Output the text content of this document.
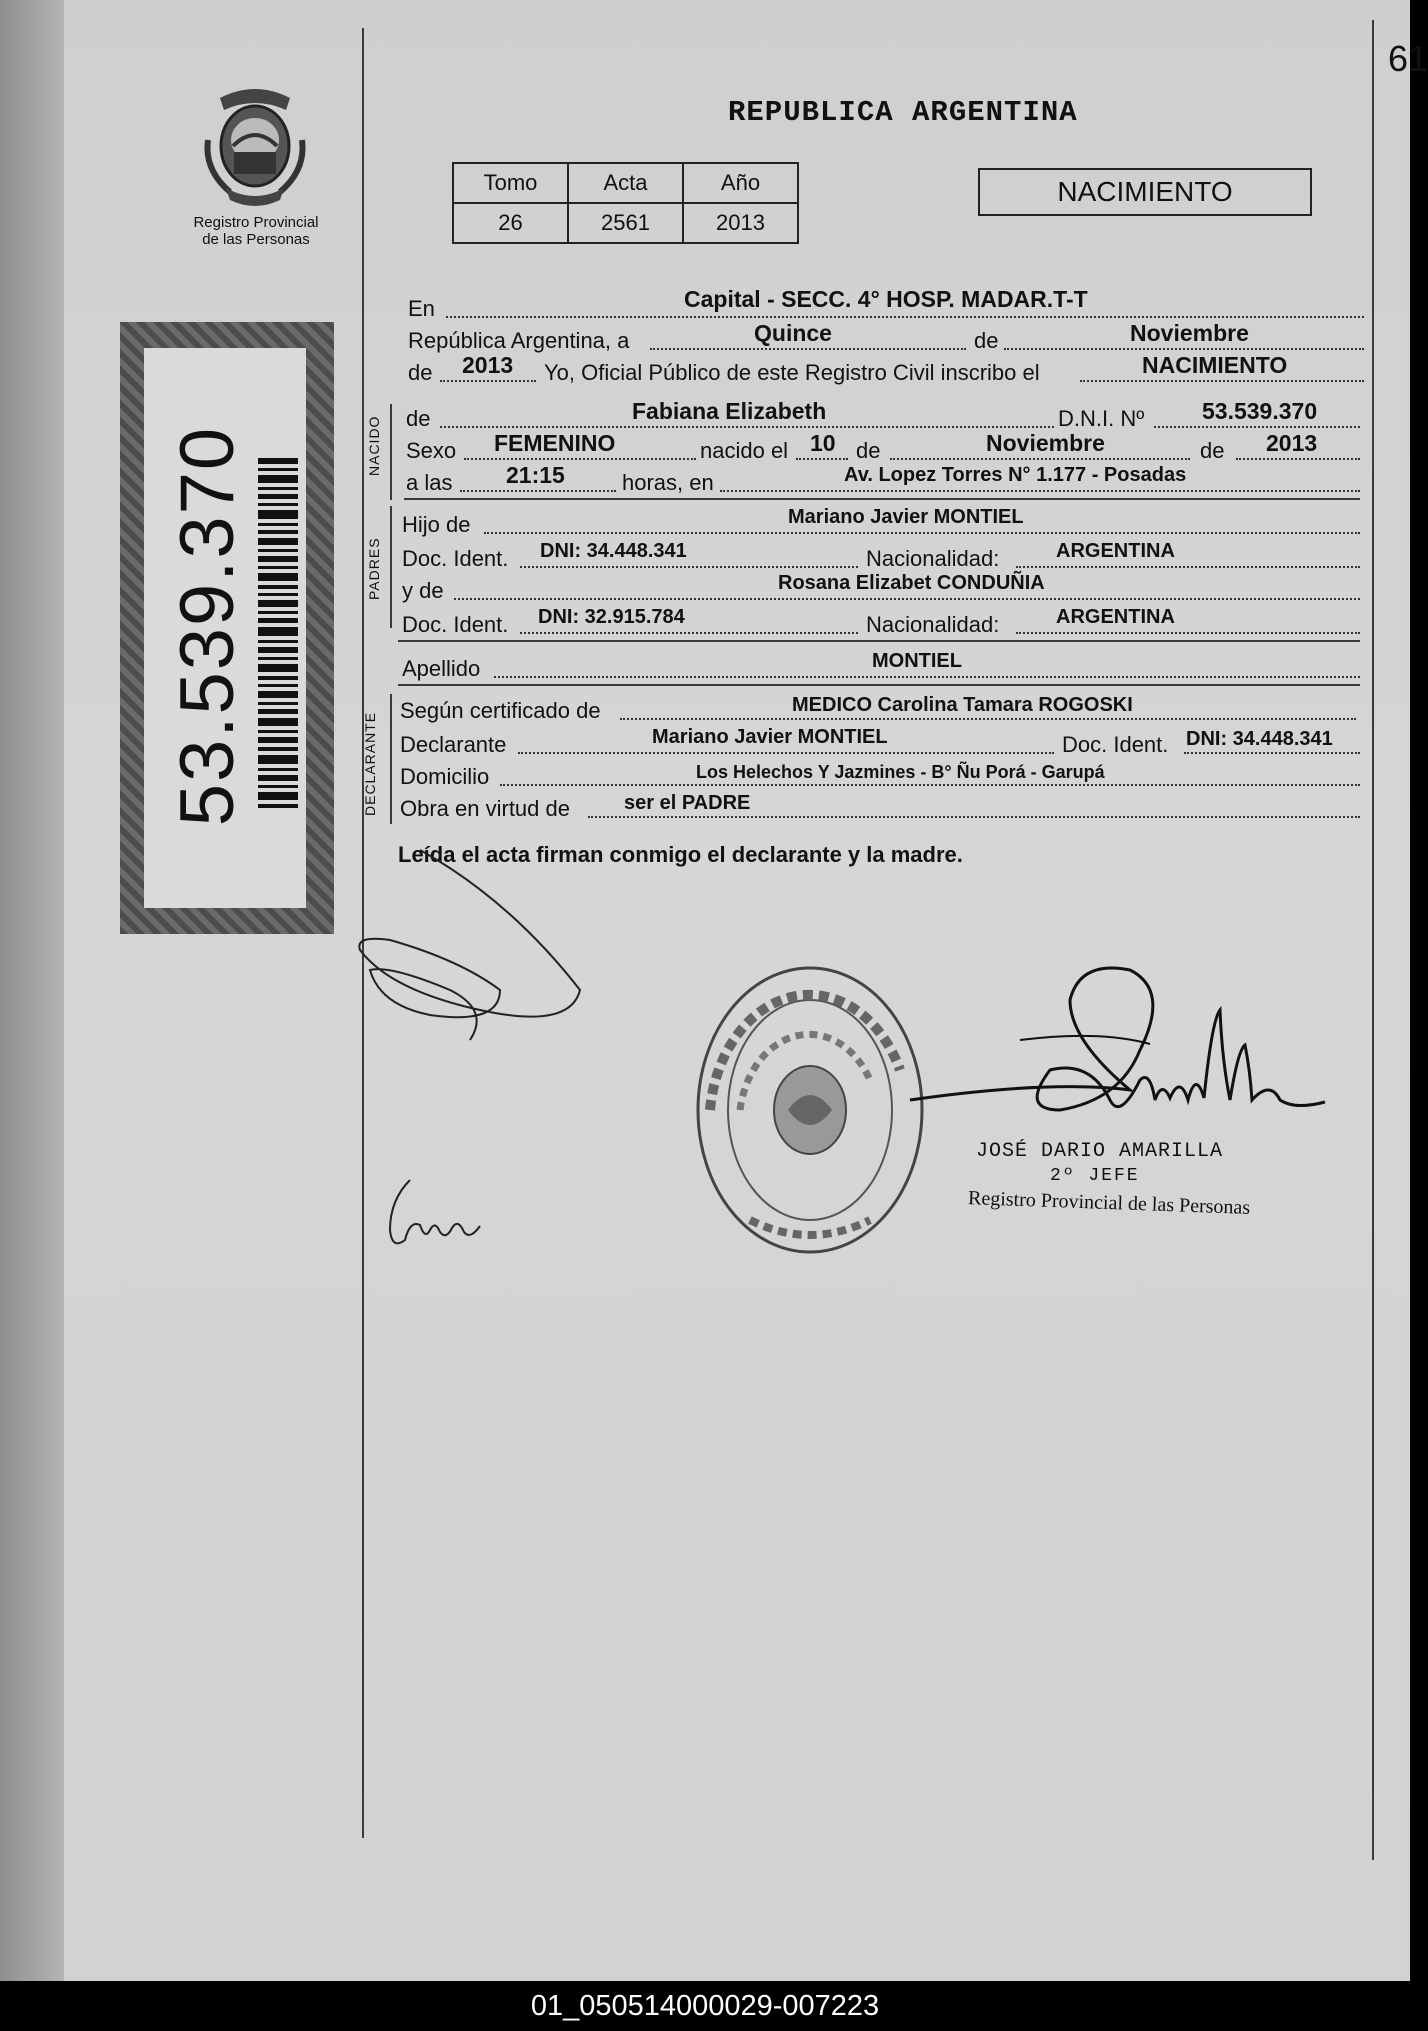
61
REPUBLICA ARGENTINA
Registro Provincial
de las Personas
Tomo	Acta	Año
26	2561	2013
NACIMIENTO
53.539.370	NACIDO
PADRES
DECLARANTE
En	Capital - SECC. 4° HOSP. MADAR.T-T
República Argentina, a	Quince	de	Noviembre
de 2013 Yo, Oficial Público de este Registro Civil inscribo el	NACIMIENTO
de	Fabiana Elizabeth	D.N.I. Nº	53.539.370
Sexo FEMENINO	nacido el 10 de	Noviembre	de 2013
a las 21:15	horas, en	Av. Lopez Torres N° 1.177 - Posadas
Hijo de	Mariano Javier MONTIEL
Doc. Ident. DNI: 34.448.341	Nacionalidad:	ARGENTINA
y de	Rosana Elizabet CONDUÑIA
Doc. Ident. DNI: 32.915.784	Nacionalidad:	ARGENTINA
Apellido	MONTIEL
Según certificado de	MEDICO Carolina Tamara ROGOSKI
Declarante	Mariano Javier MONTIEL	Doc. Ident. DNI: 34.448.341
Domicilio	Los Helechos Y Jazmines - B° Ñu Porá - Garupá
Obra en virtud de	ser el PADRE
Leída el acta firman conmigo el declarante y la madre.
JOSÉ DARIO AMARILLA
2º JEFE
Registro Provincial de las Personas
01_050514000029-007223
